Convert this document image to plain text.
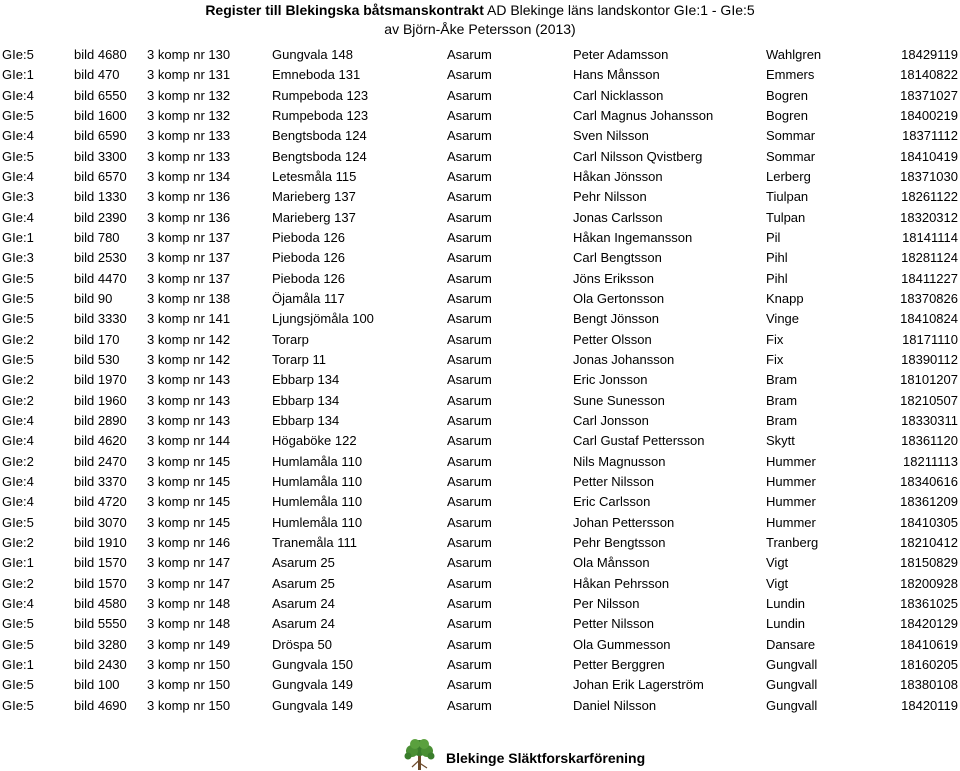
Register till Blekingska båtsmanskontrakt AD Blekinge läns landskontor GIe:1 - GIe:5
av Björn-Åke Petersson (2013)
GIe:5	bild 4680 3 komp nr 130	Gungvala 148	Asarum	Peter Adamsson	Wahlgren	18429119
GIe:1	bild 470 3 komp nr 131	Emneboda 131	Asarum	Hans Månsson	Emmers	18140822
GIe:4	bild 6550 3 komp nr 132	Rumpeboda 123	Asarum	Carl Nicklasson	Bogren	18371027
GIe:5	bild 1600 3 komp nr 132	Rumpeboda 123	Asarum	Carl Magnus Johansson	Bogren	18400219
GIe:4	bild 6590 3 komp nr 133	Bengtsboda 124	Asarum	Sven Nilsson	Sommar	18371112
GIe:5	bild 3300 3 komp nr 133	Bengtsboda 124	Asarum	Carl Nilsson Qvistberg	Sommar	18410419
GIe:4	bild 6570 3 komp nr 134	Letesmåla 115	Asarum	Håkan Jönsson	Lerberg	18371030
GIe:3	bild 1330 3 komp nr 136	Marieberg 137	Asarum	Pehr Nilsson	Tiulpan	18261122
GIe:4	bild 2390 3 komp nr 136	Marieberg 137	Asarum	Jonas Carlsson	Tulpan	18320312
GIe:1	bild 780 3 komp nr 137	Pieboda 126	Asarum	Håkan Ingemansson	Pil	18141114
GIe:3	bild 2530 3 komp nr 137	Pieboda 126	Asarum	Carl Bengtsson	Pihl	18281124
GIe:5	bild 4470 3 komp nr 137	Pieboda 126	Asarum	Jöns Eriksson	Pihl	18411227
GIe:5	bild 90	3 komp nr 138	Öjamåla 117	Asarum	Ola Gertonsson	Knapp	18370826
GIe:5	bild 3330 3 komp nr 141	Ljungsjömåla 100	Asarum	Bengt Jönsson	Vinge	18410824
GIe:2	bild 170 3 komp nr 142	Torarp	Asarum	Petter Olsson	Fix	18171110
GIe:5	bild 530 3 komp nr 142	Torarp 11	Asarum	Jonas Johansson	Fix	18390112
GIe:2	bild 1970 3 komp nr 143	Ebbarp 134	Asarum	Eric Jonsson	Bram	18101207
GIe:2	bild 1960 3 komp nr 143	Ebbarp 134	Asarum	Sune Sunesson	Bram	18210507
GIe:4	bild 2890 3 komp nr 143	Ebbarp 134	Asarum	Carl Jonsson	Bram	18330311
GIe:4	bild 4620 3 komp nr 144	Högaböke 122	Asarum	Carl Gustaf Pettersson	Skytt	18361120
GIe:2	bild 2470 3 komp nr 145	Humlamåla 110	Asarum	Nils Magnusson	Hummer	18211113
GIe:4	bild 3370 3 komp nr 145	Humlamåla 110	Asarum	Petter Nilsson	Hummer	18340616
GIe:4	bild 4720 3 komp nr 145	Humlemåla 110	Asarum	Eric Carlsson	Hummer	18361209
GIe:5	bild 3070 3 komp nr 145	Humlemåla 110	Asarum	Johan Pettersson	Hummer	18410305
GIe:2	bild 1910 3 komp nr 146	Tranemåla 111	Asarum	Pehr Bengtsson	Tranberg	18210412
GIe:1	bild 1570 3 komp nr 147	Asarum 25	Asarum	Ola Månsson	Vigt	18150829
GIe:2	bild 1570 3 komp nr 147	Asarum 25	Asarum	Håkan Pehrsson	Vigt	18200928
GIe:4	bild 4580 3 komp nr 148	Asarum 24	Asarum	Per Nilsson	Lundin	18361025
GIe:5	bild 5550 3 komp nr 148	Asarum 24	Asarum	Petter Nilsson	Lundin	18420129
GIe:5	bild 3280 3 komp nr 149	Dröspa 50	Asarum	Ola Gummesson	Dansare	18410619
GIe:1	bild 2430 3 komp nr 150	Gungvala 150	Asarum	Petter Berggren	Gungvall	18160205
GIe:5	bild 100 3 komp nr 150	Gungvala 149	Asarum	Johan Erik Lagerström	Gungvall	18380108
GIe:5	bild 4690 3 komp nr 150	Gungvala 149	Asarum	Daniel Nilsson	Gungvall	18420119
Blekinge Släktforskarförening
